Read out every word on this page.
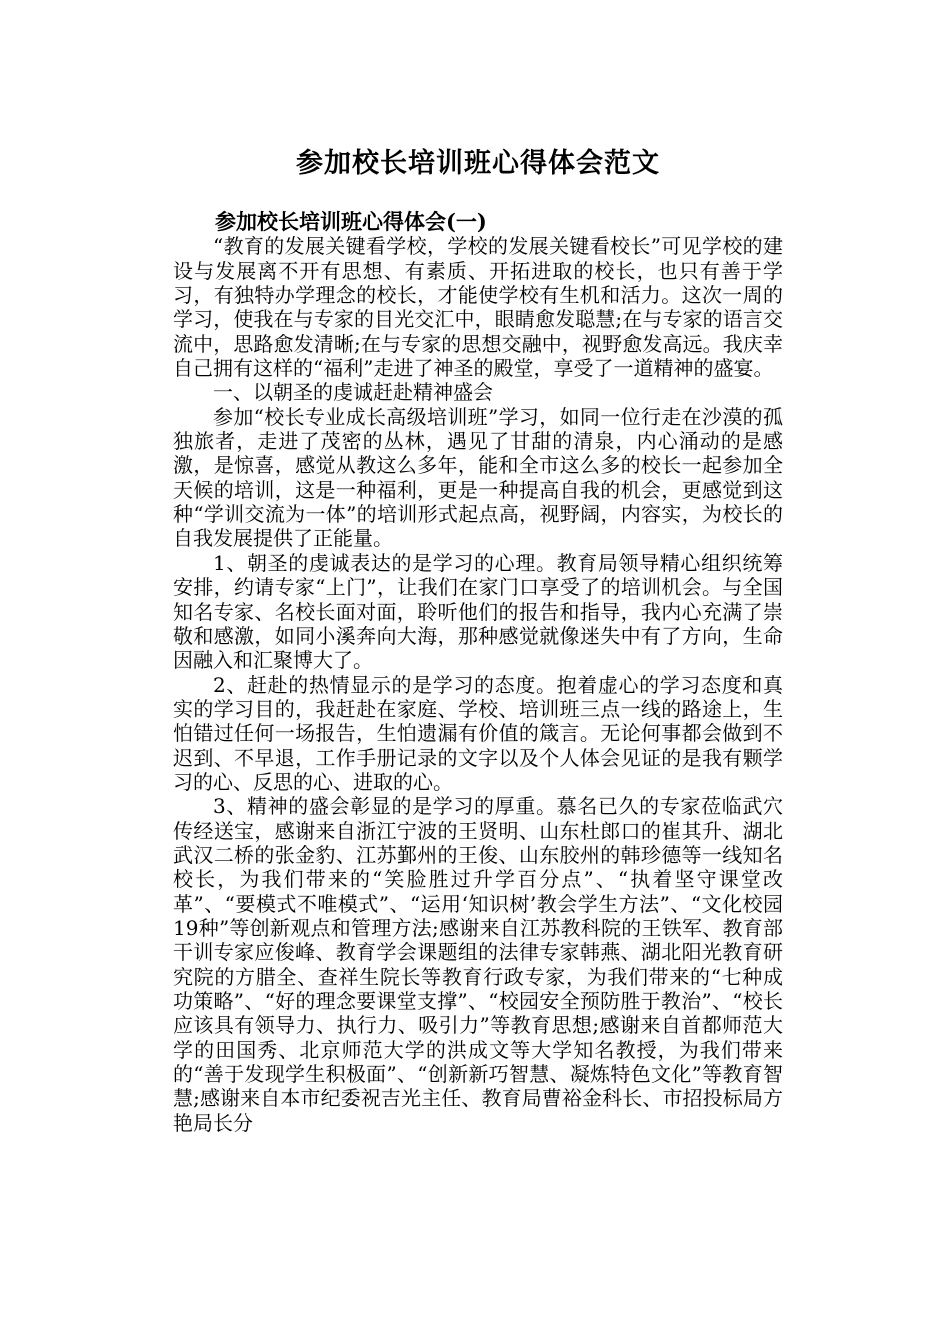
参加校长培训班心得体会范文

参加校长培训班心得体会(一)

“教育的发展关键看学校，学校的发展关键看校长”可见学校的建设与发展离不开有思想、有素质、开拓进取的校长，也只有善于学习，有独特办学理念的校长，才能使学校有生机和活力。这次一周的学习，使我在与专家的目光交汇中，眼睛愈发聪慧;在与专家的语言交流中，思路愈发清晰;在与专家的思想交融中，视野愈发高远。我庆幸自己拥有这样的“福利”走进了神圣的殿堂，享受了一道精神的盛宴。

一、以朝圣的虔诚赶赴精神盛会

参加“校长专业成长高级培训班”学习，如同一位行走在沙漠的孤独旅者，走进了茂密的丛林，遇见了甘甜的清泉，内心涌动的是感激，是惊喜，感觉从教这么多年，能和全市这么多的校长一起参加全天候的培训，这是一种福利，更是一种提高自我的机会，更感觉到这种“学训交流为一体”的培训形式起点高，视野阔，内容实，为校长的自我发展提供了正能量。

1、朝圣的虔诚表达的是学习的心理。教育局领导精心组织统筹安排，约请专家“上门”，让我们在家门口享受了的培训机会。与全国知名专家、名校长面对面，聆听他们的报告和指导，我内心充满了崇敬和感激，如同小溪奔向大海，那种感觉就像迷失中有了方向，生命因融入和汇聚博大了。

2、赶赴的热情显示的是学习的态度。抱着虚心的学习态度和真实的学习目的，我赶赴在家庭、学校、培训班三点一线的路途上，生怕错过任何一场报告，生怕遗漏有价值的箴言。无论何事都会做到不迟到、不早退，工作手册记录的文字以及个人体会见证的是我有颗学习的心、反思的心、进取的心。

3、精神的盛会彰显的是学习的厚重。慕名已久的专家莅临武穴传经送宝，感谢来自浙江宁波的王贤明、山东杜郎口的崔其升、湖北武汉二桥的张金豹、江苏鄞州的王俊、山东胶州的韩珍德等一线知名校长，为我们带来的“笑脸胜过升学百分点”、“执着坚守课堂改革”、“要模式不唯模式”、“运用‘知识树’教会学生方法”、“文化校园19种”等创新观点和管理方法;感谢来自江苏教科院的王铁军、教育部干训专家应俊峰、教育学会课题组的法律专家韩燕、湖北阳光教育研究院的方腊全、查祥生院长等教育行政专家，为我们带来的“七种成功策略”、“好的理念要课堂支撑”、“校园安全预防胜于教治”、“校长应该具有领导力、执行力、吸引力”等教育思想;感谢来自首都师范大学的田国秀、北京师范大学的洪成文等大学知名教授，为我们带来的“善于发现学生积极面”、“创新新巧智慧、凝炼特色文化”等教育智慧;感谢来自本市纪委祝吉光主任、教育局曹裕金科长、市招投标局方艳局长分
